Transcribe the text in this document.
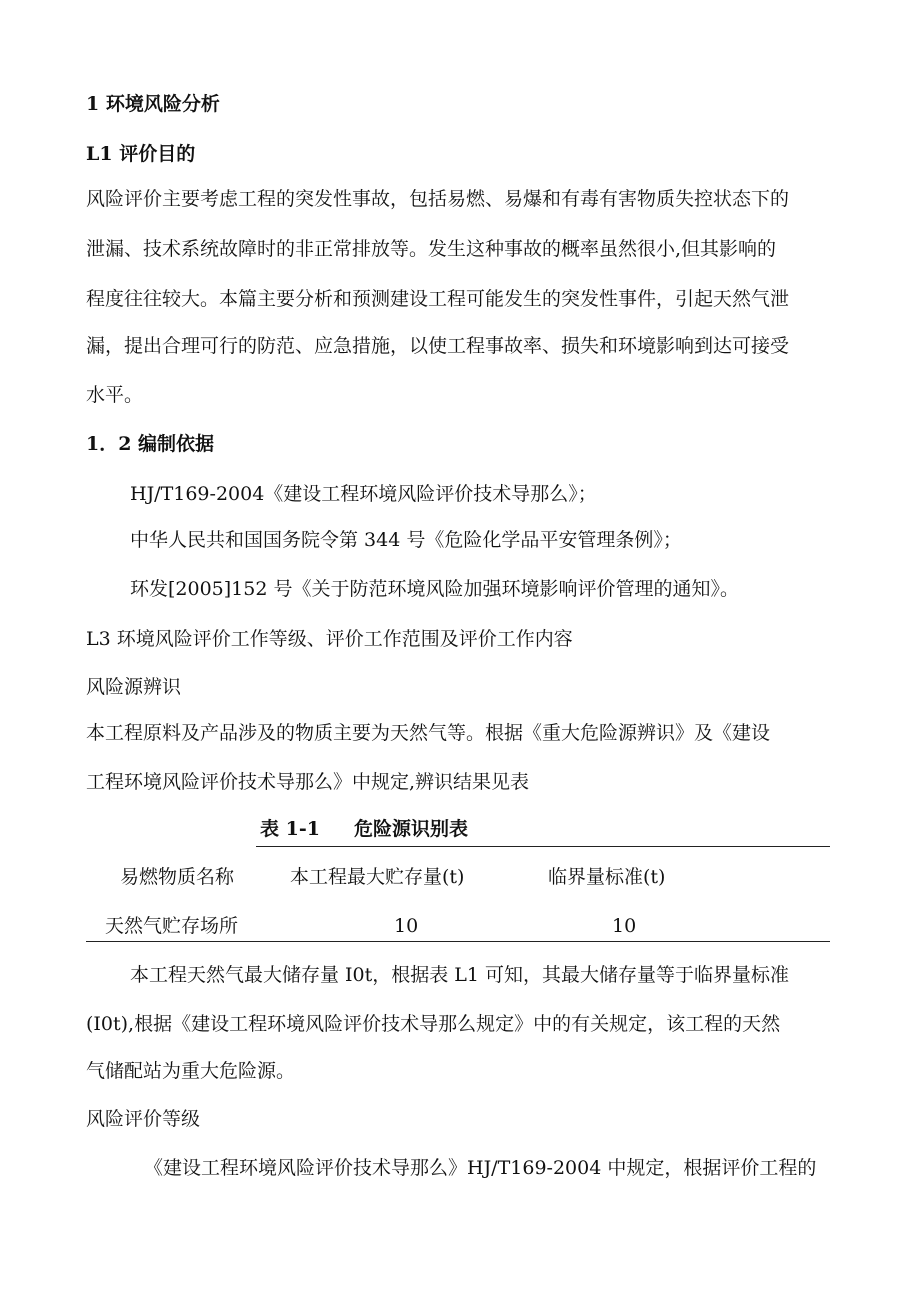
1 环境风险分析
L1 评价目的
风险评价主要考虑工程的突发性事故，包括易燃、易爆和有毒有害物质失控状态下的
泄漏、技术系统故障时的非正常排放等。发生这种事故的概率虽然很小,但其影响的
程度往往较大。本篇主要分析和预测建设工程可能发生的突发性事件，引起天然气泄
漏，提出合理可行的防范、应急措施，以使工程事故率、损失和环境影响到达可接受
水平。
1．2 编制依据
HJ/T169-2004《建设工程环境风险评价技术导那么》；
中华人民共和国国务院令第 344 号《危险化学品平安管理条例》；
环发[2005]152 号《关于防范环境风险加强环境影响评价管理的通知》。
L3 环境风险评价工作等级、评价工作范围及评价工作内容
风险源辨识
本工程原料及产品涉及的物质主要为天然气等。根据《重大危险源辨识》及《建设
工程环境风险评价技术导那么》中规定,辨识结果见表
表 1-1 危险源识别表
易燃物质名称	本工程最大贮存量(t)	临界量标准(t)
天然气贮存场所	10	10
本工程天然气最大储存量 I0t，根据表 L1 可知，其最大储存量等于临界量标准
(I0t),根据《建设工程环境风险评价技术导那么规定》中的有关规定，该工程的天然
气储配站为重大危险源。
风险评价等级
《建设工程环境风险评价技术导那么》HJ/T169-2004 中规定，根据评价工程的
